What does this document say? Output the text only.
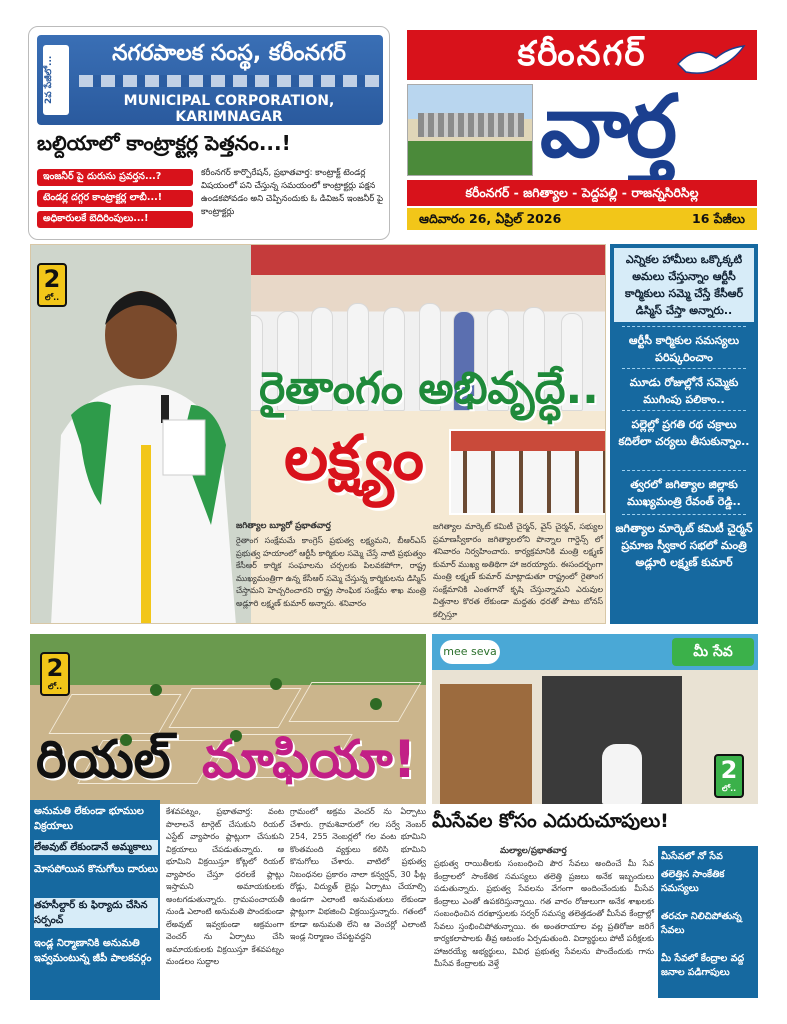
2వ పేజీలో...
నగరపాలక సంస్థ, కరీంనగర్
MUNICIPAL CORPORATION, KARIMNAGAR
బల్దియాలో కాంట్రాక్టర్ల పెత్తనం...!
ఇంజనీర్ పై దురుసు ప్రవర్తన...?
టెండర్ల దగ్గర కాంట్రాక్టర్ల లాబీ...!
అధికారులకే బెదిరింపులు...!
కరీంనగర్ కార్పొరేషన్, ప్రభాతవార్త: కాంట్రాక్ట్ టెండర్ల విషయంలో పని చేస్తున్న సమయంలో కాంట్రాక్టర్లు పక్షన ఉండకపోవడం అని చెప్పినందుకు ఓ డివిజన్ ఇంజనీర్ పై కాంట్రాక్టర్లు
కరీంనగర్
వార్త
కరీంనగర్ - జగిత్యాల - పెద్దపల్లి - రాజన్నసిరిసిల్ల
ఆదివారం 26, ఏప్రిల్ 2026	16 పేజీలు
2
లో..
రైతాంగం అభివృద్ధే..
లక్ష్యం
జగిత్యాల బ్యూరో ప్రభాతవార్త
రైతాంగ సంక్షేమమే కాంగ్రెస్ ప్రభుత్వ లక్ష్యమని, బీఆర్ఎస్ ప్రభుత్వ హయాంలో ఆర్టీసీ కార్మికుల సమ్మె చేస్తే నాటి ప్రభుత్వం కేసీఆర్ కార్మిక సంఘాలను చర్చలకు పిలవకపోగా, రాష్ట్ర ముఖ్యమంత్రిగా ఉన్న కేసీఆర్ సమ్మె చేస్తున్న కార్మికులను డిస్మిస్ చేస్తామని హెచ్చరించారని రాష్ట్ర సాంఘిక సంక్షేమ శాఖ మంత్రి అడ్లూరి లక్ష్మణ్ కుమార్ అన్నారు. శనివారం
జగిత్యాల మార్కెట్ కమిటీ చైర్మన్, వైస్ చైర్మన్, సభ్యుల ప్రమాణస్వీకారం జగిత్యాలలోని పొన్నాల గార్డెన్స్ లో శనివారం నిర్వహించారు. కార్యక్రమానికి మంత్రి లక్ష్మణ్ కుమార్ ముఖ్య అతిథిగా హా జరయ్యారు. ఈసందర్భంగా మంత్రి లక్ష్మణ్ కుమార్ మాట్లాడుతూ రాష్ట్రంలో రైతాంగ సంక్షేమానికి ఎంతగానో కృషి చేస్తున్నామని ఎరువుల విత్తనాల కొరత లేకుండా మద్దతు ధరతో పాటు బోనస్ కల్పిస్తూ
ఎన్నికల హామీలు ఒక్కొక్కటి అమలు చేస్తున్నాం ఆర్టీసీ కార్మికులు సమ్మె చేస్తే కేసీఆర్ డిస్మిస్ చేస్తా అన్నారు..
ఆర్టీసీ కార్మికుల సమస్యలు పరిష్కరించాం
మూడు రోజుల్లోనే సమ్మెకు ముగింపు పలికాం..
పల్లెల్లో ప్రగతి రథ చక్రాలు కదిలేలా చర్యలు తీసుకున్నాం..
త్వరలో జగిత్యాల జిల్లాకు ముఖ్యమంత్రి రేవంత్ రెడ్డి..
జగిత్యాల మార్కెట్ కమిటీ చైర్మన్ ప్రమాణ స్వీకార సభలో మంత్రి అడ్లూరి లక్ష్మణ్ కుమార్
2
లో..
రియల్ మాఫియా!
అనుమతి లేకుండా భూముల విక్రయాలు
లేఅవుట్ లేకుండానే అమ్మకాలు
మోసపోయిన కొనుగోలు దారులు
తహసీల్దార్ కు ఫిర్యాదు చేసిన సర్పంచ్
ఇండ్ల నిర్మాణానికి అనుమతి ఇవ్వమంటున్న జీపీ పాలకవర్గం
కేశవపట్నం, ప్రభాతవార్త: వంట పొలాలనే టార్గెట్ చేసుకుని రియల్ ఎస్టేట్ వ్యాపారం ప్లాట్లుగా చేసుకుని విక్రయాలు చేపడుతున్నారు. ఆ భూమిని విక్రయిస్తూ కోట్లలో రియల్ వ్యాపారం చేస్తూ ధరలకే ప్లాట్లు ఇస్తామని అమాయకులకు అంటగడుతున్నారు. గ్రామపంచాయతీ నుండి ఎలాంటి అనుమతి పొందకుండా లేఅవుట్ ఇవ్వకుండా ఆక్రమంగా వెంచర్ ను ఏర్పాటు చేసి అమాయకులకు విక్రయిస్తూ కేశవపట్నం మండలం సుద్దాల
గ్రామంలో అక్రమ వెంచర్ ను ఏర్పాటు చేశారు. గ్రామశివారులో గల సర్వే నెంబర్ 254, 255 నెంబర్లలో గల వంట భూమిని కొంతమంది వ్యక్తులు కలిసి భూమిని కొనుగోలు చేశారు. వాటిలో ప్రభుత్వ నిబంధనల ప్రకారం నాలా కన్వర్షన్, 30 ఫీట్ల రోడ్లు, విద్యుత్ లైన్లు ఏర్పాటు చేయాల్సి ఉండగా ఎలాంటి అనుమతులు లేకుండా ప్లాట్లుగా విభజించి విక్రయిస్తున్నారు. గతంలో కూడా అనుమతి లేని ఆ వెంచర్లో ఎలాంటి ఇండ్ల నిర్మాణం చేపట్టవద్దని
mee seva	మీ సేవ
2
లో..
మీసేవల కోసం ఎదురుచూపులు!
మల్యాల/ప్రభాతవార్త
ప్రభుత్వ రాయితీలకు సంబంధించి పౌర సేవలు అందించే మీ సేవ కేంద్రాలలో సాంకేతిక సమస్యలు తలెత్తి ప్రజలు అనేక ఇబ్బందులు పడుతున్నారు. ప్రభుత్వ సేవలను వేగంగా అందించేందుకు మీసేవ కేంద్రాలు ఎంతో ఉపకరిస్తున్నాయి. గత వారం రోజులుగా అనేక శాఖలకు సంబంధించిన దరఖాస్తులకు సర్వర్ సమస్య తలెత్తడంతో మీసేవ కేంద్రాల్లో సేవలు స్తంభించిపోతున్నాయి. ఈ అంతరాయాల వల్ల ప్రతిరోజు జరిగే కార్యకలాపాలకు తీవ్ర ఆటంకం ఏర్పడుతుంది. విద్యార్థులు పోటీ పరీక్షలకు హాజరయ్యే అభ్యర్థులు, వివిధ ప్రభుత్వ సేవలను పొందేందుకు గాను మీసేవ కేంద్రాలకు వెళ్తే
మీసేవలో నో సేవ
తలెత్తిన సాంకేతిక సమస్యలు
తరచూ నిలిచిపోతున్న సేవలు
మీ సేవలో కేంద్రాల వద్ద జనాల పడిగాపులు
